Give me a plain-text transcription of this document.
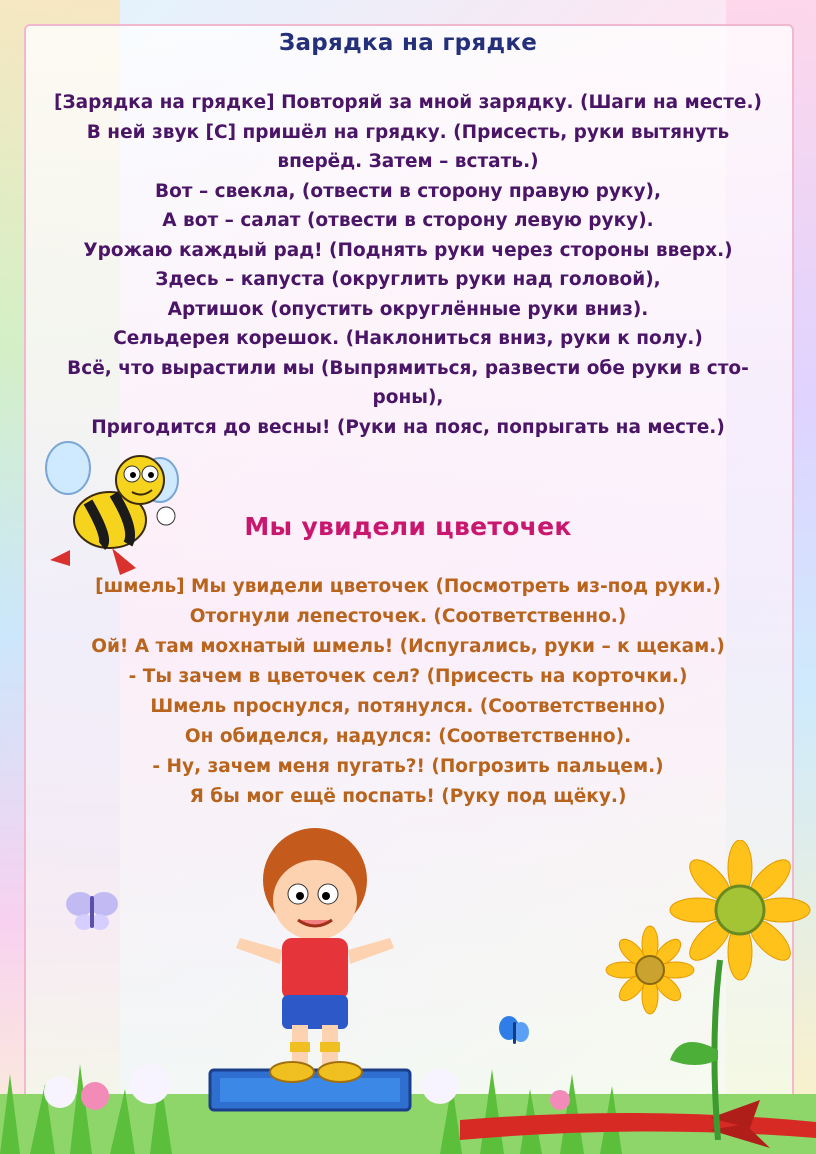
Зарядка на грядке
[Зарядка на грядке] Повторяй за мной зарядку. (Шаги на месте.)
В ней звук [С] пришёл на грядку. (Присесть, руки вытянуть
вперёд. Затем – встать.)
Вот – свекла, (отвести в сторону правую руку),
А вот – салат (отвести в сторону левую руку).
Урожаю каждый рад! (Поднять руки через стороны вверх.)
Здесь – капуста (округлить руки над головой),
Артишок (опустить округлённые руки вниз).
Сельдерея корешок. (Наклониться вниз, руки к полу.)
Всё, что вырастили мы (Выпрямиться, развести обе руки в сто-
роны),
Пригодится до весны! (Руки на пояс, попрыгать на месте.)
Мы увидели цветочек
[шмель] Мы увидели цветочек (Посмотреть из-под руки.)
Отогнули лепесточек. (Соответственно.)
Ой! А там мохнатый шмель! (Испугались, руки – к щекам.)
- Ты зачем в цветочек сел? (Присесть на корточки.)
Шмель проснулся, потянулся. (Соответственно)
Он обиделся, надулся: (Соответственно).
- Ну, зачем меня пугать?! (Погрозить пальцем.)
Я бы мог ещё поспать! (Руку под щёку.)
